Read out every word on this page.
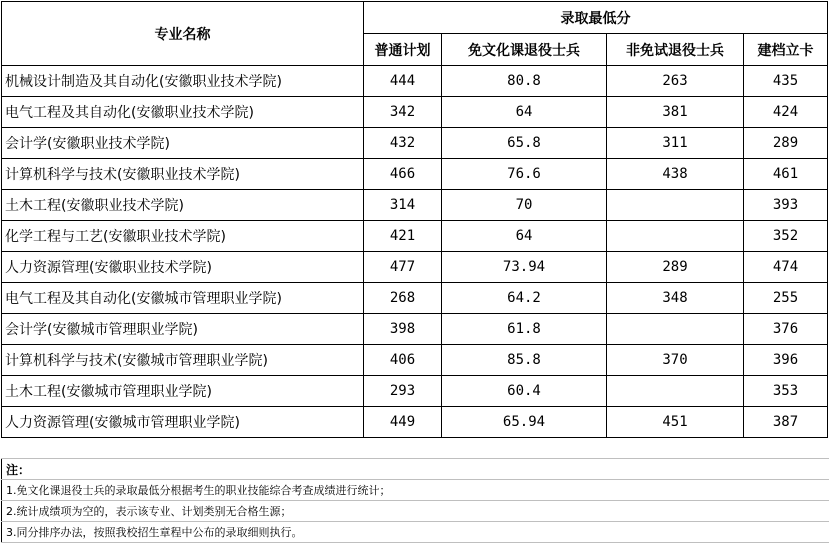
专业名称	录取最低分			
	普通计划	免文化课退役士兵	非免试退役士兵	建档立卡
机械设计制造及其自动化(安徽职业技术学院)	444	80.8	263	435
电气工程及其自动化(安徽职业技术学院)	342	64	381	424
会计学(安徽职业技术学院)	432	65.8	311	289
计算机科学与技术(安徽职业技术学院)	466	76.6	438	461
土木工程(安徽职业技术学院)	314	70		393
化学工程与工艺(安徽职业技术学院)	421	64		352
人力资源管理(安徽职业技术学院)	477	73.94	289	474
电气工程及其自动化(安徽城市管理职业学院)	268	64.2	348	255
会计学(安徽城市管理职业学院)	398	61.8		376
计算机科学与技术(安徽城市管理职业学院)	406	85.8	370	396
土木工程(安徽城市管理职业学院)	293	60.4		353
人力资源管理(安徽城市管理职业学院)	449	65.94	451	387
注：
1.免文化课退役士兵的录取最低分根据考生的职业技能综合考查成绩进行统计；
2.统计成绩项为空的，表示该专业、计划类别无合格生源；
3.同分排序办法，按照我校招生章程中公布的录取细则执行。
